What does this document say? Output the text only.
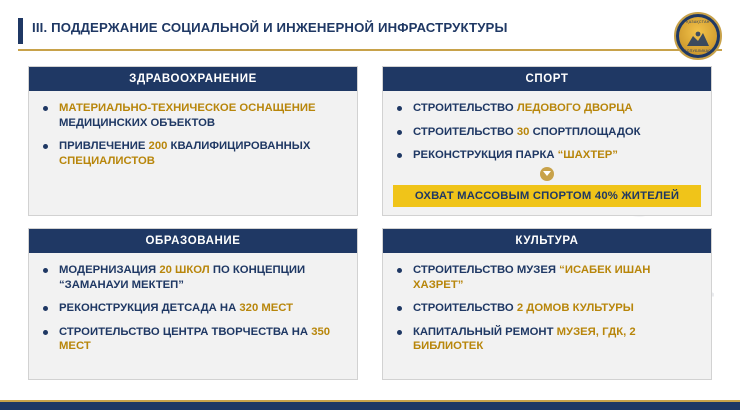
III. ПОДДЕРЖАНИЕ СОЦИАЛЬНОЙ И ИНЖЕНЕРНОЙ ИНФРАСТРУКТУРЫ	ҚАЗАҚСТАН
РЕСПУБЛИКАСЫ
ЗДРАВООХРАНЕНИЕ
МАТЕРИАЛЬНО-ТЕХНИЧЕСКОЕ ОСНАЩЕНИЕ МЕДИЦИНСКИХ ОБЪЕКТОВ
ПРИВЛЕЧЕНИЕ 200 КВАЛИФИЦИРОВАННЫХ СПЕЦИАЛИСТОВ
СПОРТ
СТРОИТЕЛЬСТВО ЛЕДОВОГО ДВОРЦА
СТРОИТЕЛЬСТВО 30 СПОРТПЛОЩАДОК
РЕКОНСТРУКЦИЯ ПАРКА “ШАХТЕР”
ОХВАТ МАССОВЫМ СПОРТОМ 40% ЖИТЕЛЕЙ
ОБРАЗОВАНИЕ
МОДЕРНИЗАЦИЯ 20 ШКОЛ ПО КОНЦЕПЦИИ “ЗАМАНАУИ МЕКТЕП”
РЕКОНСТРУКЦИЯ ДЕТСАДА НА 320 МЕСТ
СТРОИТЕЛЬСТВО ЦЕНТРА ТВОРЧЕСТВА НА 350 МЕСТ
КУЛЬТУРА
СТРОИТЕЛЬСТВО МУЗЕЯ “ИСАБЕК ИШАН ХАЗРЕТ”
СТРОИТЕЛЬСТВО 2 ДОМОВ КУЛЬТУРЫ
КАПИТАЛЬНЫЙ РЕМОНТ МУЗЕЯ, ГДК, 2 БИБЛИОТЕК
